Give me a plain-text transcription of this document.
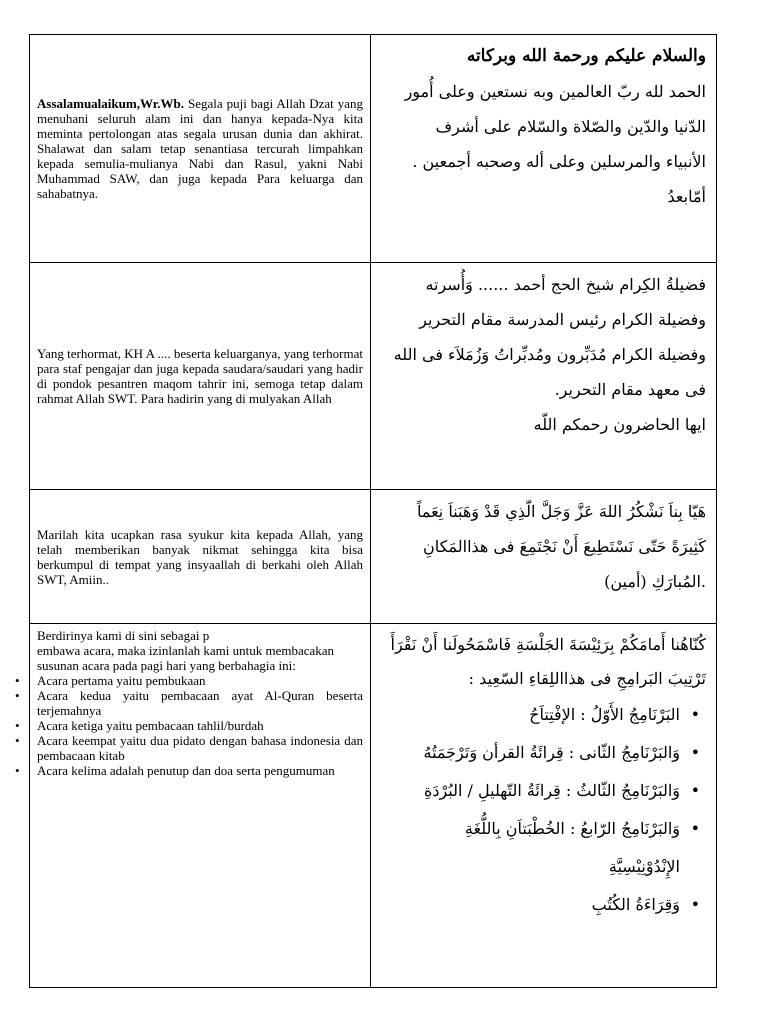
Assalamualaikum,Wr.Wb. Segala puji bagi Allah Dzat yang menuhani seluruh alam ini dan hanya kepada-Nya kita meminta pertolongan atas segala urusan dunia dan akhirat. Shalawat dan salam tetap senantiasa tercurah limpahkan kepada semulia-mulianya Nabi dan Rasul, yakni Nabi Muhammad SAW, dan juga kepada Para keluarga dan sahabatnya.

والسلام عليكم ورحمة الله وبركاته
الحمد لله ربّ العالمين وبه نستعين وعلى أُمور
الدّنيا والدّين والصّلاة والسّلام على أشرف
الأنبياء والمرسلين وعلى أله وصحبه أجمعين .
أمّابعدُ

Yang terhormat, KH A .... beserta keluarganya, yang terhormat para staf pengajar dan juga kepada saudara/saudari yang hadir di pondok pesantren maqom tahrir ini, semoga tetap dalam rahmat Allah SWT. Para hadirin yang di mulyakan Allah

فضيلةُ الكِرام شيخ الحج أحمد ...... وَأُسرته
وفضيلة الكرام رئيس المدرسة مقام التحرير
وفضيلة الكرام مُدَبِّرون ومُدبِّراتُ وَزُمَلاَء فى الله
فى معهد مقام التحرير.
ايها الحاضرون رحمكم اللّه

Marilah kita ucapkan rasa syukur kita kepada Allah, yang telah memberikan banyak nikmat sehingga kita bisa berkumpul di tempat yang insyaallah di berkahi oleh Allah SWT, Amiin..

هَيّا بِناَ نَشْكُرُ اللهَ عَزَّ وَجَلَّ الّذِي قَدْ وَهَبَناَ نِعَماً
كَثِيرَةً حَتّى نَسْتَطِيعَ أَنْ نَجْتَمِعَ فى هذاالمَكانِ
.المُبارَكِ (أمين)
Berdirinya kami di sini sebagai p
embawa acara, maka izinlanlah kami untuk membacakan susunan acara pada pagi hari yang berbahagia ini:
• Acara pertama yaitu pembukaan
• Acara kedua yaitu pembacaan ayat Al-Quran beserta terjemahnya
• Acara ketiga yaitu pembacaan tahlil/burdah
• Acara keempat yaitu dua pidato dengan bahasa indonesia dan pembacaan kitab
• Acara kelima adalah penutup dan doa serta pengumuman
كُنّاهُنا أَمامَكُمْ بِرَئِيْسَةَ الجَلْسَةِ فَاسْمَحُولَنا أَنْ نَقْرَأَ
تَرْتِيبَ البَرامِجِ فى هذااللِقاءِ السّعِيد :
•
البَرْنَامِجُ الأَوّلُ : الإفْتِتاَحُ
•
وَالبَرْنَامِجُ الثّانى : قِرائَةُ القرأن وَتَرْجَمَتُهُ
•
وَالبَرْنَامِجُ الثّالثُ : قِرائَةُ التّهليلِ / البُرْدَةِ
•
وَالبَرْنَامِجُ الرّابعُ : الخُطْبَتاَنِ بِاللُّغَةِ
الإِنْدُوْنِيْسِيَّةِ
•
وَقِرَاءَةُ الكُتُبِ
